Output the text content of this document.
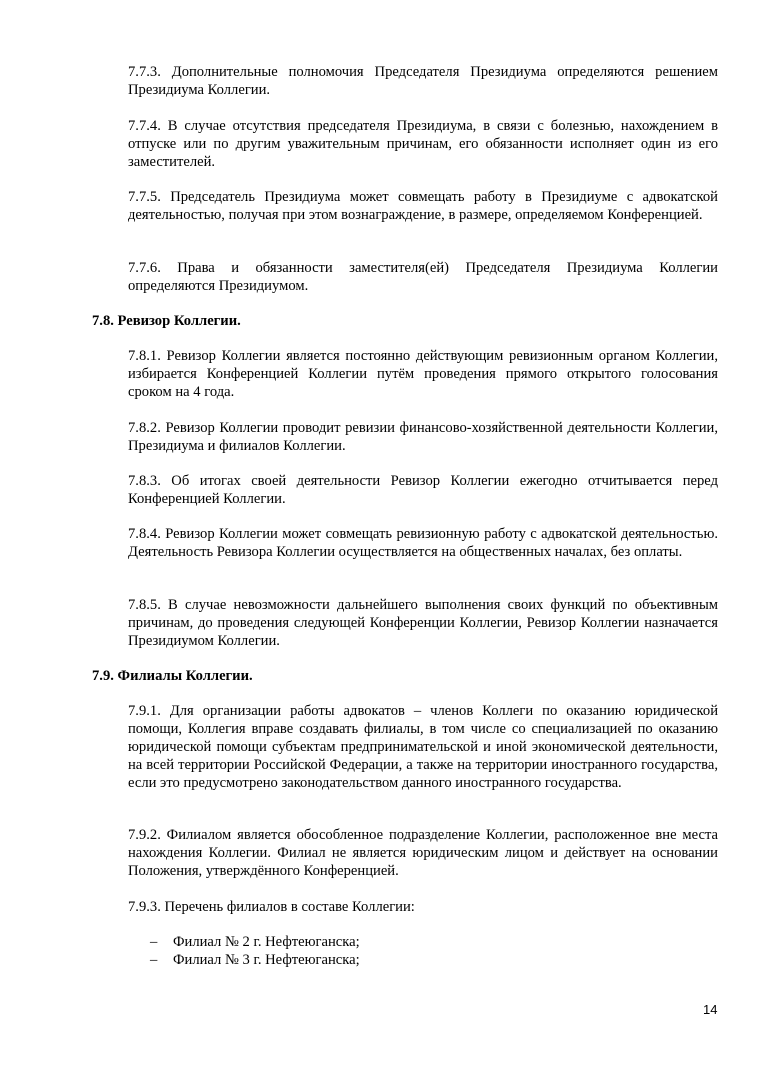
7.7.3. Дополнительные полномочия Председателя Президиума определяются решением Президиума Коллегии.

7.7.4. В случае отсутствия председателя Президиума, в связи с болезнью, нахождением в отпуске или по другим уважительным причинам, его обязанности исполняет один из его заместителей.

7.7.5. Председатель Президиума может совмещать работу в Президиуме с адвокатской деятельностью, получая при этом вознаграждение, в размере, определяемом Конференцией.

7.7.6. Права и обязанности заместителя(ей) Председателя Президиума Коллегии определяются Президиумом.

7.8. Ревизор Коллегии.

7.8.1. Ревизор Коллегии является постоянно действующим ревизионным органом Коллегии, избирается Конференцией Коллегии путём проведения прямого открытого голосования сроком на 4 года.

7.8.2. Ревизор Коллегии проводит ревизии финансово-хозяйственной деятельности Коллегии, Президиума и филиалов Коллегии.

7.8.3. Об итогах своей деятельности Ревизор Коллегии ежегодно отчитывается перед Конференцией Коллегии.

7.8.4. Ревизор Коллегии может совмещать ревизионную работу с адвокатской деятельностью. Деятельность Ревизора Коллегии осуществляется на общественных началах, без оплаты.

7.8.5. В случае невозможности дальнейшего выполнения своих функций по объективным причинам, до проведения следующей Конференции Коллегии, Ревизор Коллегии назначается Президиумом Коллегии.

7.9. Филиалы Коллегии.

7.9.1. Для организации работы адвокатов – членов Коллеги по оказанию юридической помощи, Коллегия вправе создавать филиалы, в том числе со специализацией по оказанию юридической помощи субъектам предпринимательской и иной экономической деятельности, на всей территории Российской Федерации, а также на территории иностранного государства, если это предусмотрено законодательством данного иностранного государства.

7.9.2. Филиалом является обособленное подразделение Коллегии, расположенное вне места нахождения Коллегии. Филиал не является юридическим лицом и действует на основании Положения, утверждённого Конференцией.

7.9.3. Перечень филиалов в составе Коллегии:

– Филиал № 2 г. Нефтеюганска;

– Филиал № 3 г. Нефтеюганска;

14
